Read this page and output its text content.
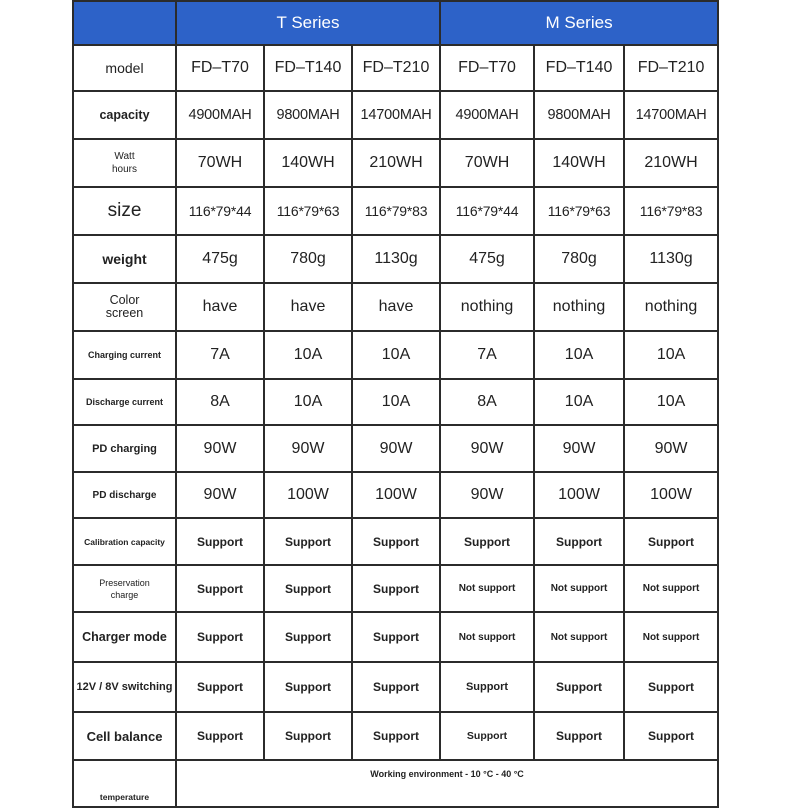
	T Series			M Series		
model	FD–T70	FD–T140	FD–T210	FD–T70	FD–T140	FD–T210
capacity	4900MAH	9800MAH	14700MAH	4900MAH	9800MAH	14700MAH
Watt
hours	70WH	140WH	210WH	70WH	140WH	210WH
size	116*79*44	116*79*63	116*79*83	116*79*44	116*79*63	116*79*83
weight	475g	780g	1130g	475g	780g	1130g
Color
screen	have	have	have	nothing	nothing	nothing
Charging current	7A	10A	10A	7A	10A	10A
Discharge current	8A	10A	10A	8A	10A	10A
PD charging	90W	90W	90W	90W	90W	90W
PD discharge	90W	100W	100W	90W	100W	100W
Calibration capacity	Support	Support	Support	Support	Support	Support
Preservation
charge	Support	Support	Support	Not support	Not support	Not support
Charger mode	Support	Support	Support	Not support	Not support	Not support
12V / 8V switching	Support	Support	Support	Support	Support	Support
Cell balance	Support	Support	Support	Support	Support	Support
temperature	Working environment - 10 °C - 40 °C					
